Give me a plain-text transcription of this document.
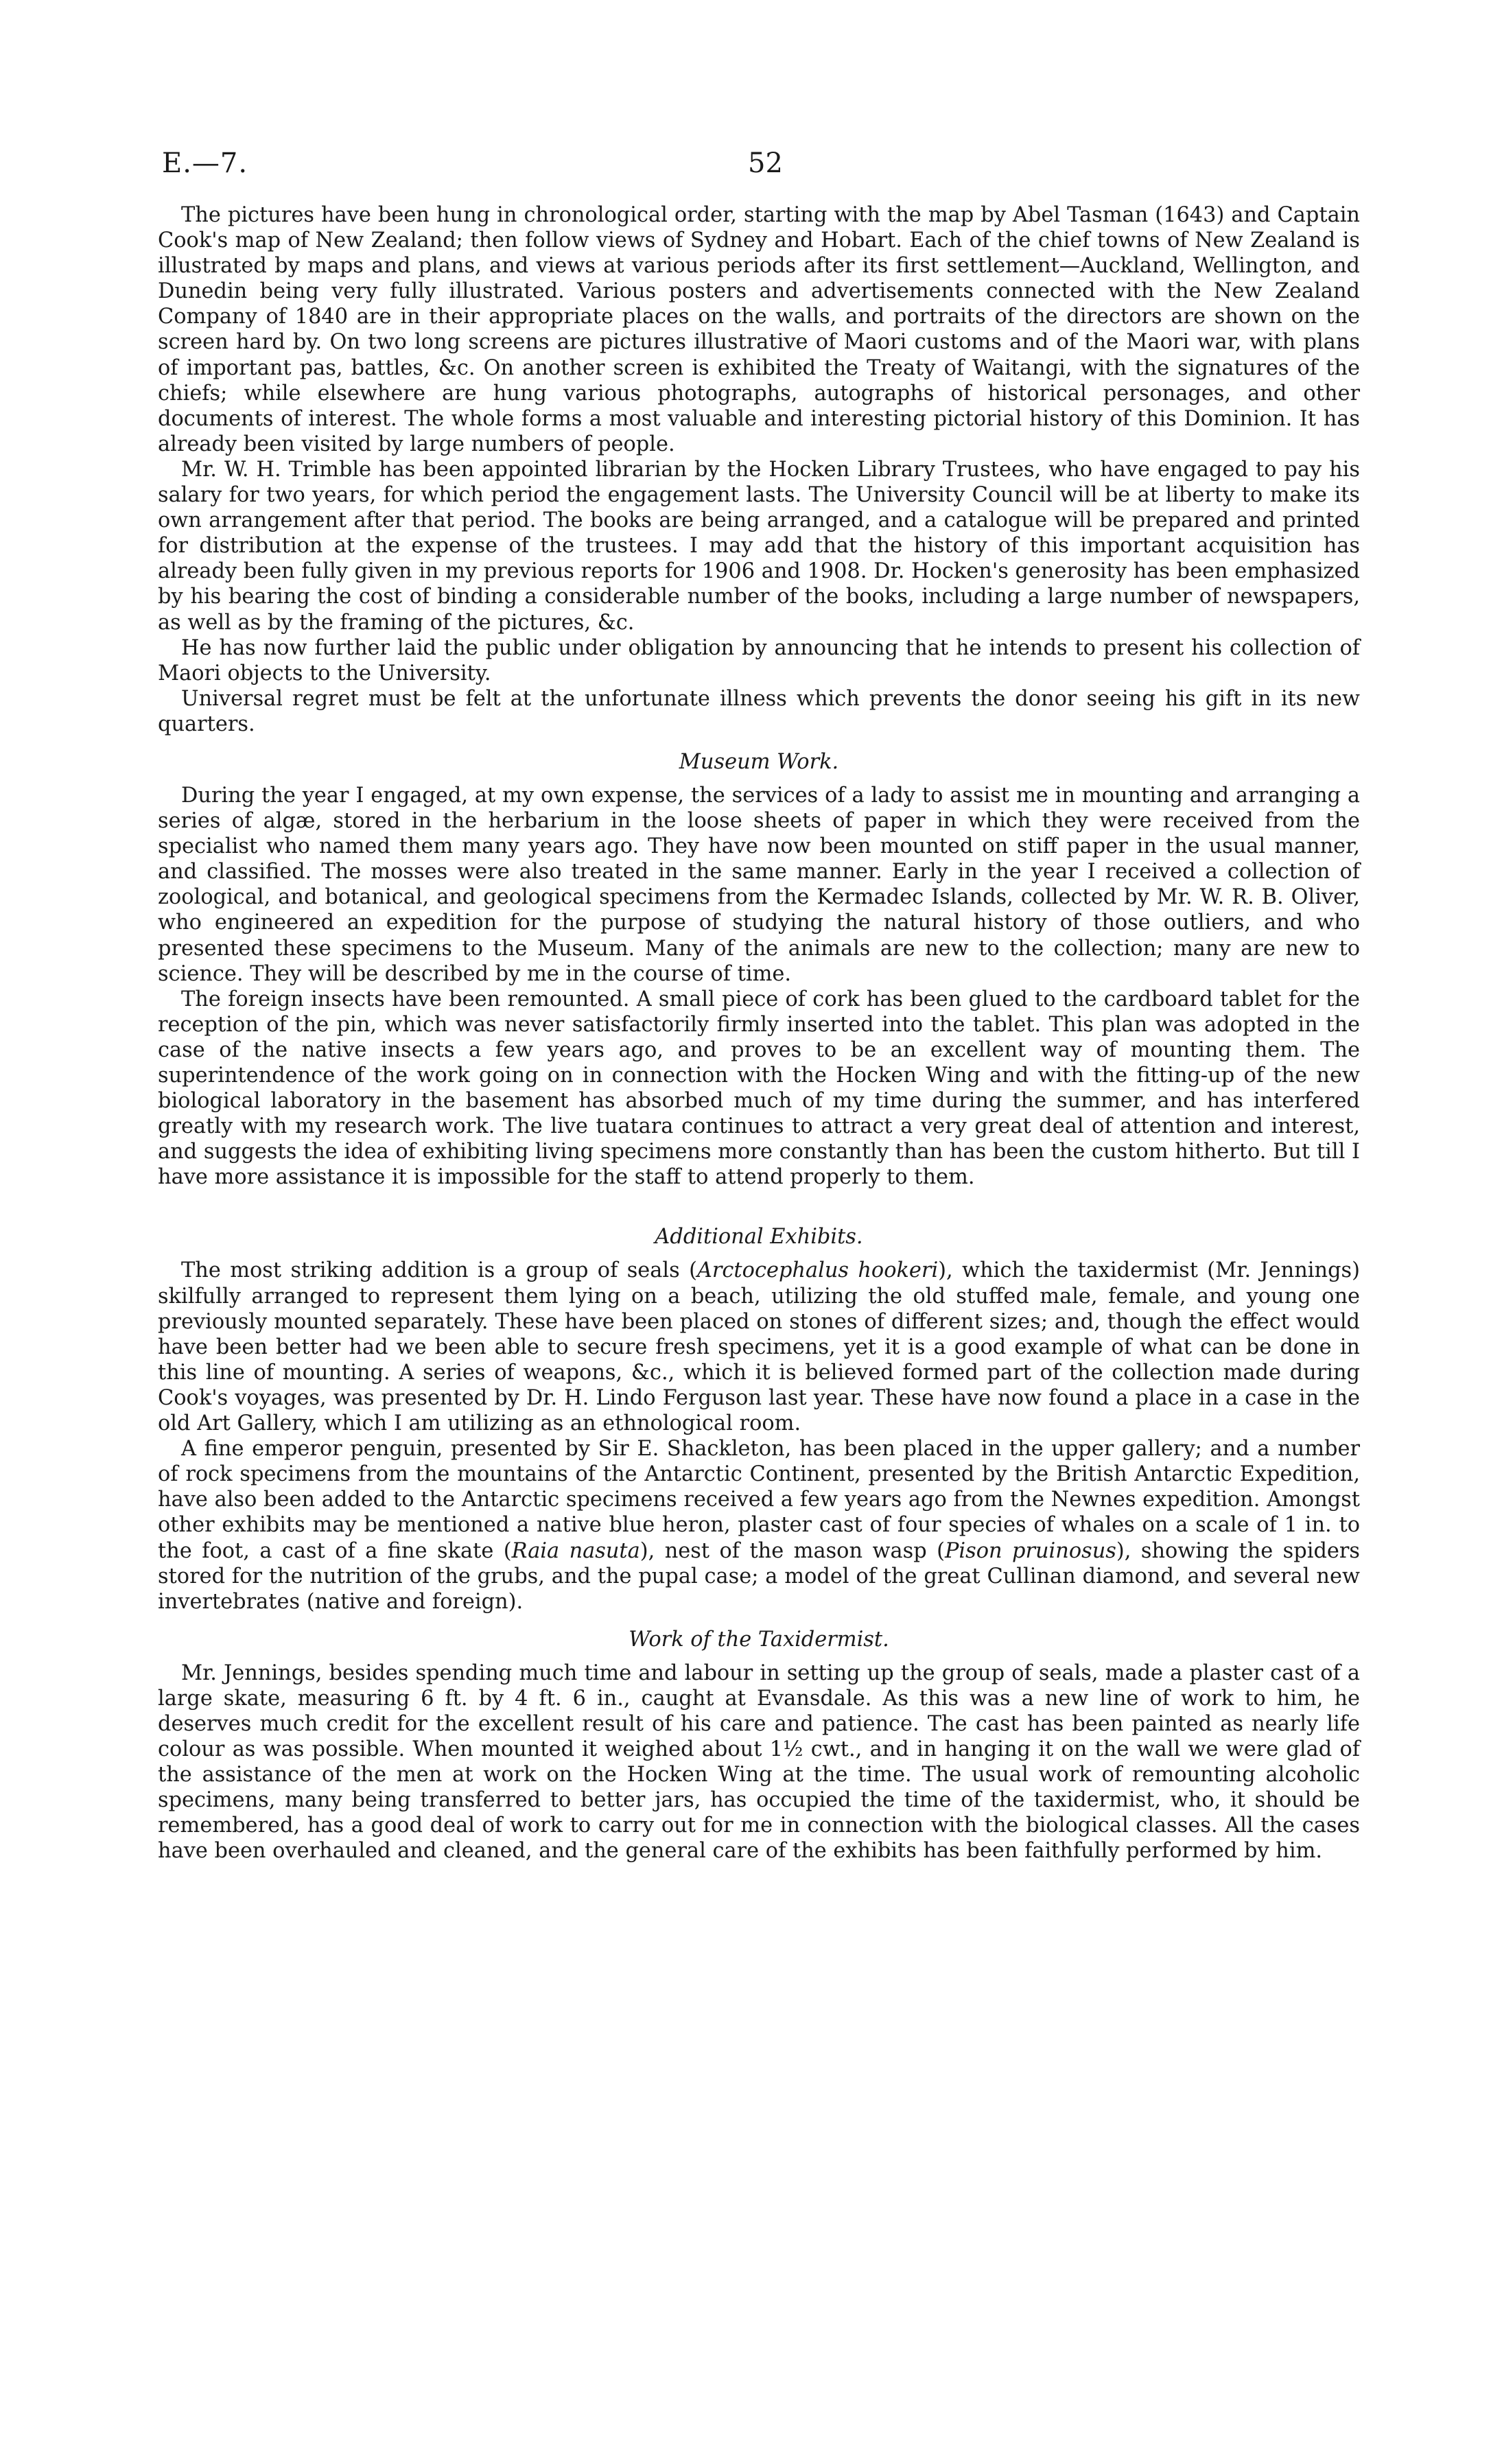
E.—7.	52

The pictures have been hung in chronological order, starting with the map by Abel Tasman (1643) and Captain Cook's map of New Zealand; then follow views of Sydney and Hobart. Each of the chief towns of New Zealand is illustrated by maps and plans, and views at various periods after its first settlement—Auckland, Wellington, and Dunedin being very fully illustrated. Various posters and advertisements connected with the New Zealand Company of 1840 are in their appropriate places on the walls, and portraits of the directors are shown on the screen hard by. On two long screens are pictures illustrative of Maori customs and of the Maori war, with plans of important pas, battles, &c. On another screen is exhibited the Treaty of Waitangi, with the signatures of the chiefs; while elsewhere are hung various photographs, autographs of historical personages, and other documents of interest. The whole forms a most valuable and interesting pictorial history of this Dominion. It has already been visited by large numbers of people.

Mr. W. H. Trimble has been appointed librarian by the Hocken Library Trustees, who have engaged to pay his salary for two years, for which period the engagement lasts. The University Council will be at liberty to make its own arrangement after that period. The books are being arranged, and a catalogue will be prepared and printed for distribution at the expense of the trustees. I may add that the history of this important acquisition has already been fully given in my previous reports for 1906 and 1908. Dr. Hocken's generosity has been emphasized by his bearing the cost of binding a considerable number of the books, including a large number of newspapers, as well as by the framing of the pictures, &c.

He has now further laid the public under obligation by announcing that he intends to present his collection of Maori objects to the University.

Universal regret must be felt at the unfortunate illness which prevents the donor seeing his gift in its new quarters.

Museum Work.

During the year I engaged, at my own expense, the services of a lady to assist me in mounting and arranging a series of algæ, stored in the herbarium in the loose sheets of paper in which they were received from the specialist who named them many years ago. They have now been mounted on stiff paper in the usual manner, and classified. The mosses were also treated in the same manner. Early in the year I received a collection of zoological, and botanical, and geological specimens from the Kermadec Islands, collected by Mr. W. R. B. Oliver, who engineered an expedition for the purpose of studying the natural history of those outliers, and who presented these specimens to the Museum. Many of the animals are new to the collection; many are new to science. They will be described by me in the course of time.

The foreign insects have been remounted. A small piece of cork has been glued to the cardboard tablet for the reception of the pin, which was never satisfactorily firmly inserted into the tablet. This plan was adopted in the case of the native insects a few years ago, and proves to be an excellent way of mounting them. The superintendence of the work going on in connection with the Hocken Wing and with the fitting-up of the new biological laboratory in the basement has absorbed much of my time during the summer, and has interfered greatly with my research work. The live tuatara continues to attract a very great deal of attention and interest, and suggests the idea of exhibiting living specimens more constantly than has been the custom hitherto. But till I have more assistance it is impossible for the staff to attend properly to them.

Additional Exhibits.

The most striking addition is a group of seals (Arctocephalus hookeri), which the taxidermist (Mr. Jennings) skilfully arranged to represent them lying on a beach, utilizing the old stuffed male, female, and young one previously mounted separately. These have been placed on stones of different sizes; and, though the effect would have been better had we been able to secure fresh specimens, yet it is a good example of what can be done in this line of mounting. A series of weapons, &c., which it is believed formed part of the collection made during Cook's voyages, was presented by Dr. H. Lindo Ferguson last year. These have now found a place in a case in the old Art Gallery, which I am utilizing as an ethnological room.

A fine emperor penguin, presented by Sir E. Shackleton, has been placed in the upper gallery; and a number of rock specimens from the mountains of the Antarctic Continent, presented by the British Antarctic Expedition, have also been added to the Antarctic specimens received a few years ago from the Newnes expedition. Amongst other exhibits may be mentioned a native blue heron, plaster cast of four species of whales on a scale of 1 in. to the foot, a cast of a fine skate (Raia nasuta), nest of the mason wasp (Pison pruinosus), showing the spiders stored for the nutrition of the grubs, and the pupal case; a model of the great Cullinan diamond, and several new invertebrates (native and foreign).

Work of the Taxidermist.

Mr. Jennings, besides spending much time and labour in setting up the group of seals, made a plaster cast of a large skate, measuring 6 ft. by 4 ft. 6 in., caught at Evansdale. As this was a new line of work to him, he deserves much credit for the excellent result of his care and patience. The cast has been painted as nearly life colour as was possible. When mounted it weighed about 1½ cwt., and in hanging it on the wall we were glad of the assistance of the men at work on the Hocken Wing at the time. The usual work of remounting alcoholic specimens, many being transferred to better jars, has occupied the time of the taxidermist, who, it should be remembered, has a good deal of work to carry out for me in connection with the biological classes. All the cases have been overhauled and cleaned, and the general care of the exhibits has been faithfully performed by him.
